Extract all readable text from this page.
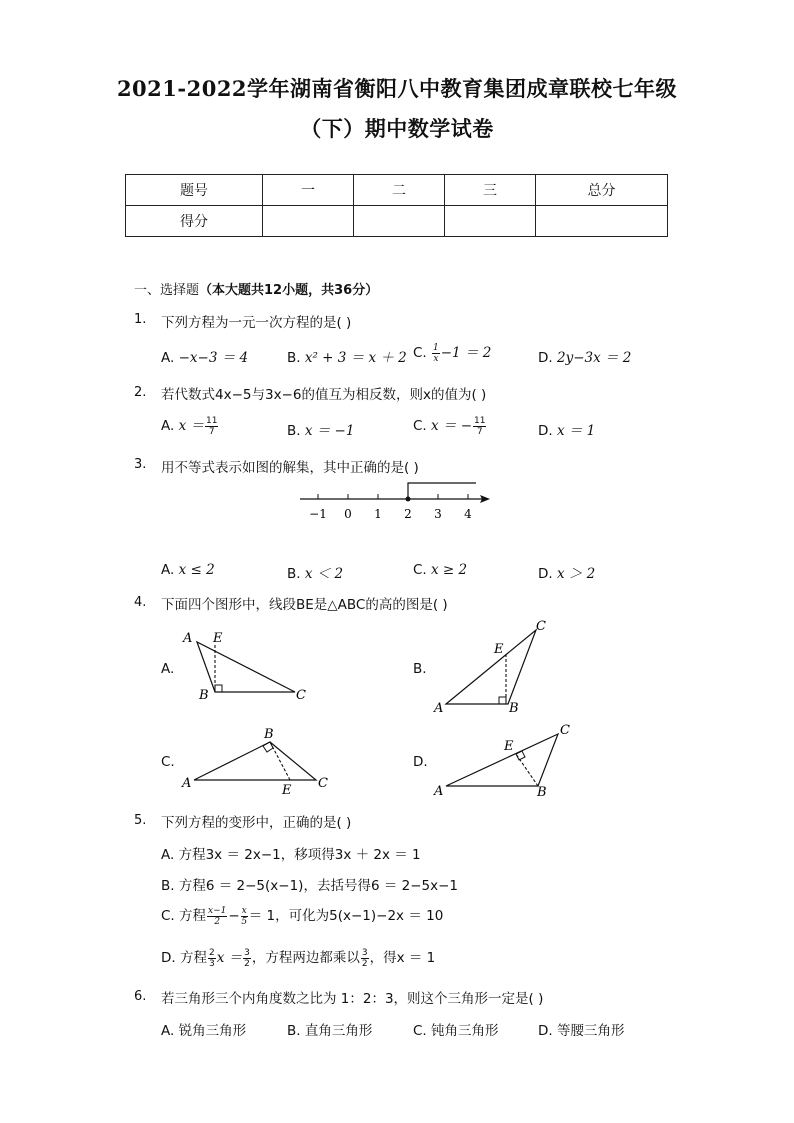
2021-2022学年湖南省衡阳八中教育集团成章联校七年级
（下）期中数学试卷
题号	一	二	三	总分
得分				
一、选择题（本大题共12小题，共36分）
1. 下列方程为一元一次方程的是( )
A. −x−3 ＝ 4	B. x² + 3 ＝ x ＋ 2 C. $\frac{1}{x} -1 = 2$	D. 2y−3x ＝ 2
2. 若代数式4x−5与3x−6的值互为相反数，则x的值为( )
A. $x = \frac{11}{7}$	B. x ＝ −1	C. x ＝ − $\frac{11}{7}$	D. x ＝ 1
3. 用不等式表示如图的解集，其中正确的是( )
−1 0 1 2 3 4
A. x ≤ 2	B. x ＜ 2	C. x ≥ 2	D. x ＞ 2
4. 下面四个图形中，线段BE是△ABC的高的图是( )
A.	B.
C.	D.
A E
B	C
C
E
A	B
B
A	C
E
C
E
A	B
5. 下列方程的变形中，正确的是( )
A. 方程3x ＝ 2x−1，移项得3x ＋ 2x ＝ 1
B. 方程6 ＝ 2−5(x−1)，去括号得6 ＝ 2−5x−1
C. 方程 $\frac{x-1}{2} - \frac{x}{5} = 1$，可化为5(x−1)−2x ＝ 10
D. 方程 $\frac{2}{3}$ $x = \frac{3}{2}$ ，方程两边都乘以 $\frac{3}{2}$ ，得x ＝ 1
6. 若三角形三个内角度数之比为 1：2：3，则这个三角形一定是( )
A. 锐角三角形	B. 直角三角形	C. 钝角三角形	D. 等腰三角形
